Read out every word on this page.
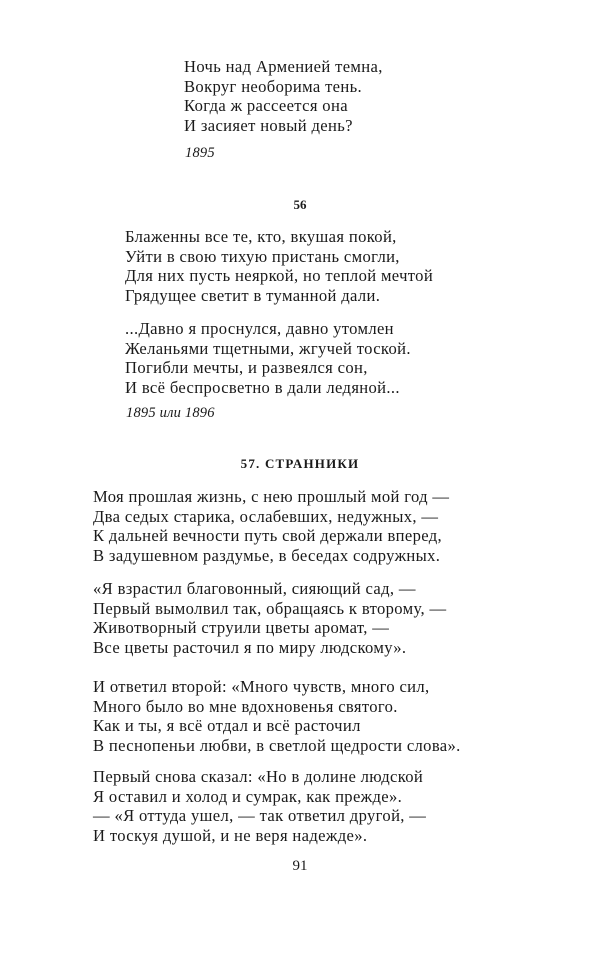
Ночь над Арменией темна,
Вокруг необорима тень.
Когда ж рассеется она
И засияет новый день?
1895
56
Блаженны все те, кто, вкушая покой,
Уйти в свою тихую пристань смогли,
Для них пусть неяркой, но теплой мечтой
Грядущее светит в туманной дали.
...Давно я проснулся, давно утомлен
Желаньями тщетными, жгучей тоской.
Погибли мечты, и развеялся сон,
И всё беспросветно в дали ледяной...
1895 или 1896
57. СТРАННИКИ
Моя прошлая жизнь, с нею прошлый мой год —
Два седых старика, ослабевших, недужных, —
К дальней вечности путь свой держали вперед,
В задушевном раздумье, в беседах содружных.
«Я взрастил благовонный, сияющий сад, —
Первый вымолвил так, обращаясь к второму, —
Животворный струили цветы аромат, —
Все цветы расточил я по миру людскому».
И ответил второй: «Много чувств, много сил,
Много было во мне вдохновенья святого.
Как и ты, я всё отдал и всё расточил
В песнопеньи любви, в светлой щедрости слова».
Первый снова сказал: «Но в долине людской
Я оставил и холод и сумрак, как прежде».
— «Я оттуда ушел, — так ответил другой, —
И тоскуя душой, и не веря надежде».
91
